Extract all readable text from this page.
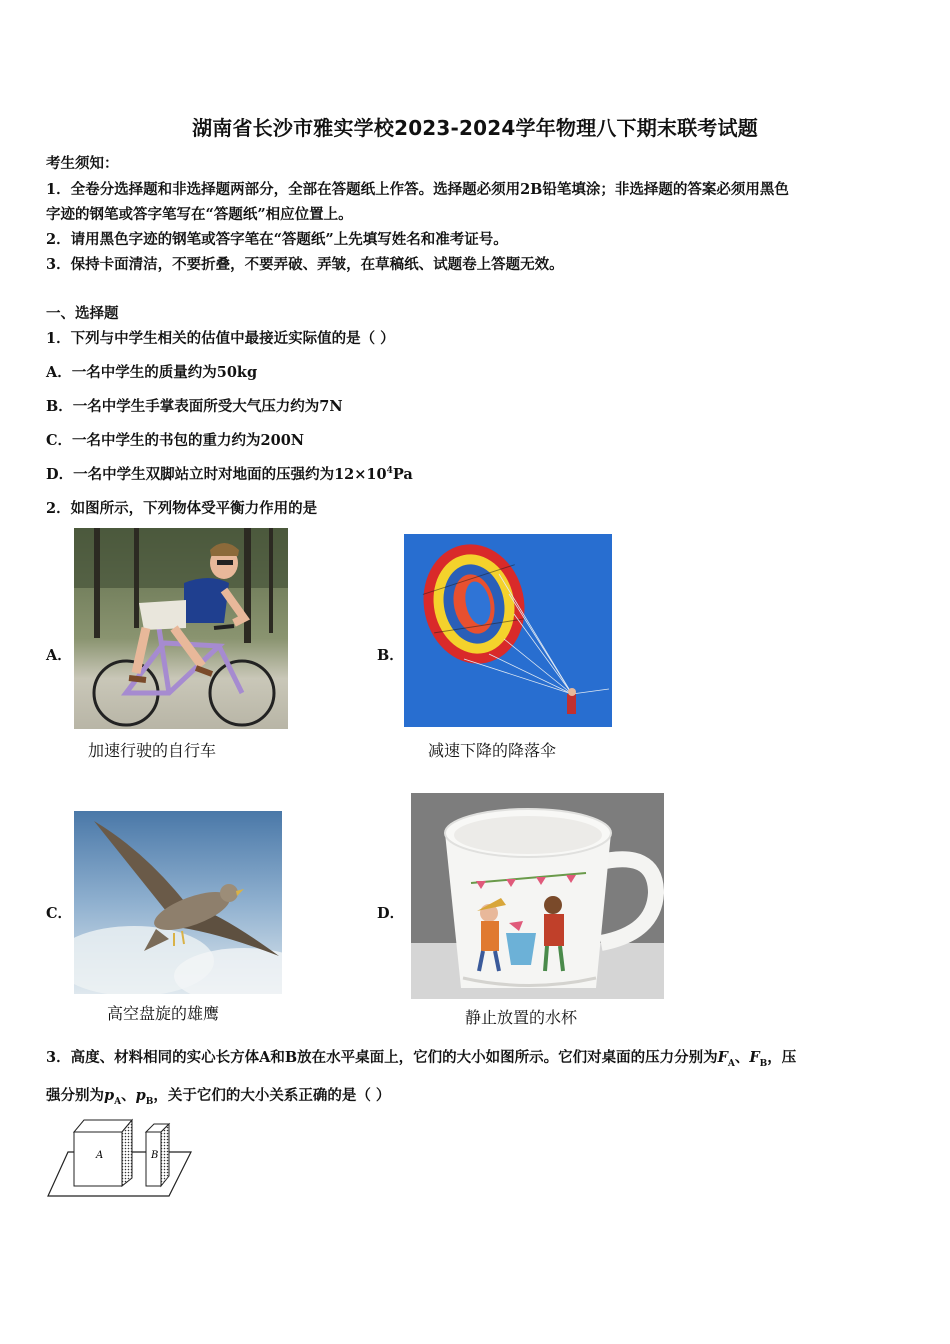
湖南省长沙市雅实学校2023-2024学年物理八下期末联考试题
考生须知：
1．全卷分选择题和非选择题两部分，全部在答题纸上作答。选择题必须用2B铅笔填涂；非选择题的答案必须用黑色
字迹的钢笔或答字笔写在“答题纸”相应位置上。
2．请用黑色字迹的钢笔或答字笔在“答题纸”上先填写姓名和准考证号。
3．保持卡面清洁，不要折叠，不要弄破、弄皱，在草稿纸、试题卷上答题无效。
一、选择题
1．下列与中学生相关的估值中最接近实际值的是（ ）
A．一名中学生的质量约为50kg
B．一名中学生手掌表面所受大气压力约为7N
C．一名中学生的书包的重力约为200N
D．一名中学生双脚站立时对地面的压强约为$12\times 10^4Pa$
2．如图所示，下列物体受平衡力作用的是
A．
加速行驶的自行车
B．
减速下降的降落伞
C．
高空盘旋的雄鹰
D．
静止放置的水杯
3．高度、材料相同的实心长方体A和B放在水平桌面上，它们的大小如图所示。它们对桌面的压力分别为$F_A$、$F_B$，压
强分别为$p_A$、$p_B$，关于它们的大小关系正确的是（ ）
A	B
